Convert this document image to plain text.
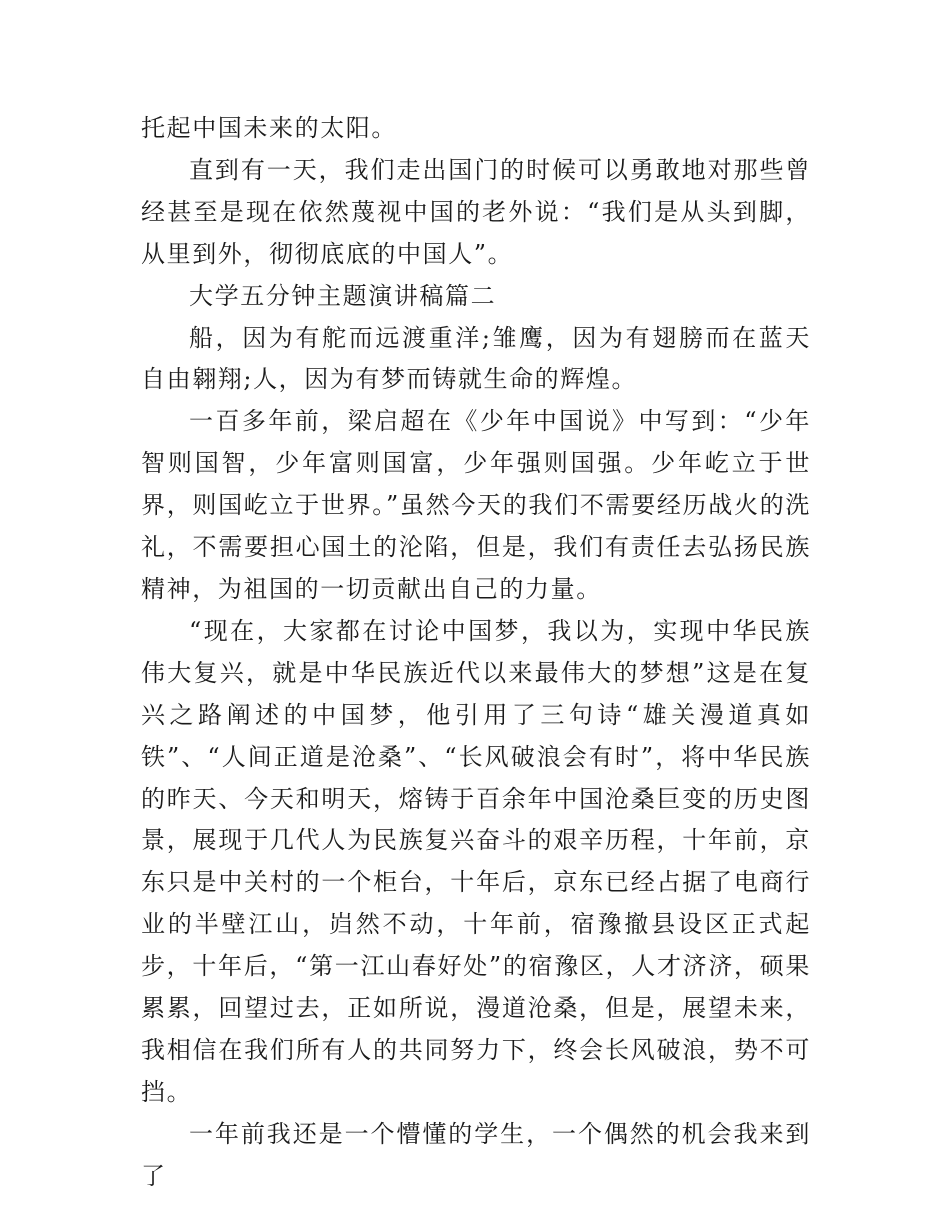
托起中国未来的太阳。

直到有一天，我们走出国门的时候可以勇敢地对那些曾经甚至是现在依然蔑视中国的老外说：“我们是从头到脚，从里到外，彻彻底底的中国人”。

大学五分钟主题演讲稿篇二

船，因为有舵而远渡重洋;雏鹰，因为有翅膀而在蓝天自由翱翔;人，因为有梦而铸就生命的辉煌。

一百多年前，梁启超在《少年中国说》中写到：“少年智则国智，少年富则国富，少年强则国强。少年屹立于世界，则国屹立于世界。”虽然今天的我们不需要经历战火的洗礼，不需要担心国土的沦陷，但是，我们有责任去弘扬民族精神，为祖国的一切贡献出自己的力量。

“现在，大家都在讨论中国梦，我以为，实现中华民族伟大复兴，就是中华民族近代以来最伟大的梦想”这是在复兴之路阐述的中国梦，他引用了三句诗“雄关漫道真如铁”、“人间正道是沧桑”、“长风破浪会有时”，将中华民族的昨天、今天和明天，熔铸于百余年中国沧桑巨变的历史图景，展现于几代人为民族复兴奋斗的艰辛历程，十年前，京东只是中关村的一个柜台，十年后，京东已经占据了电商行业的半壁江山，岿然不动，十年前，宿豫撤县设区正式起步，十年后，“第一江山春好处”的宿豫区，人才济济，硕果累累，回望过去，正如所说，漫道沧桑，但是，展望未来，我相信在我们所有人的共同努力下，终会长风破浪，势不可挡。

一年前我还是一个懵懂的学生，一个偶然的机会我来到了
